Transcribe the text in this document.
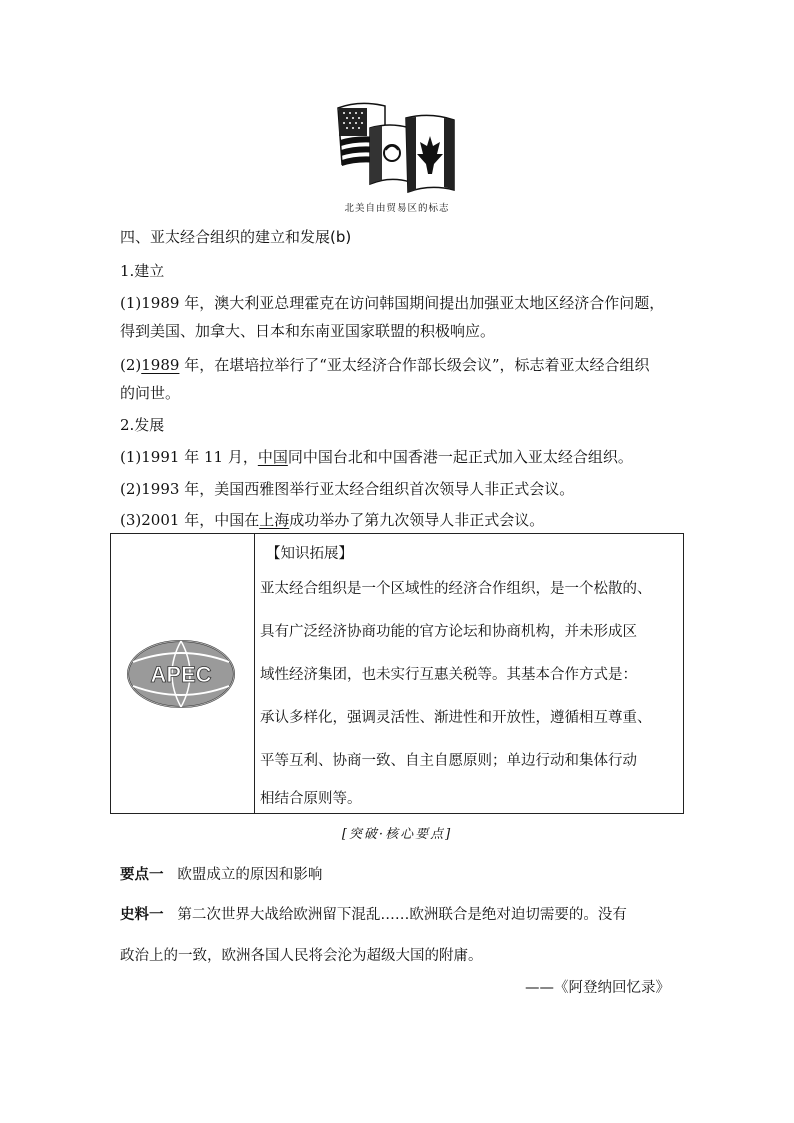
北美自由贸易区的标志
四、亚太经合组织的建立和发展(b)
1.建立
(1)1989 年，澳大利亚总理霍克在访问韩国期间提出加强亚太地区经济合作问题，
得到美国、加拿大、日本和东南亚国家联盟的积极响应。
(2)1989 年，在堪培拉举行了“亚太经济合作部长级会议”，标志着亚太经合组织
的问世。
2.发展
(1)1991 年 11 月，中国同中国台北和中国香港一起正式加入亚太经合组织。
(2)1993 年，美国西雅图举行亚太经合组织首次领导人非正式会议。
(3)2001 年，中国在上海成功举办了第九次领导人非正式会议。
APEC
【知识拓展】
亚太经合组织是一个区域性的经济合作组织，是一个松散的、
具有广泛经济协商功能的官方论坛和协商机构，并未形成区
域性经济集团，也未实行互惠关税等。其基本合作方式是：
承认多样化，强调灵活性、渐进性和开放性，遵循相互尊重、
平等互利、协商一致、自主自愿原则；单边行动和集体行动
相结合原则等。
[突破·核心要点]
要点一 欧盟成立的原因和影响
史料一 第二次世界大战给欧洲留下混乱……欧洲联合是绝对迫切需要的。没有
政治上的一致，欧洲各国人民将会沦为超级大国的附庸。
——《阿登纳回忆录》
